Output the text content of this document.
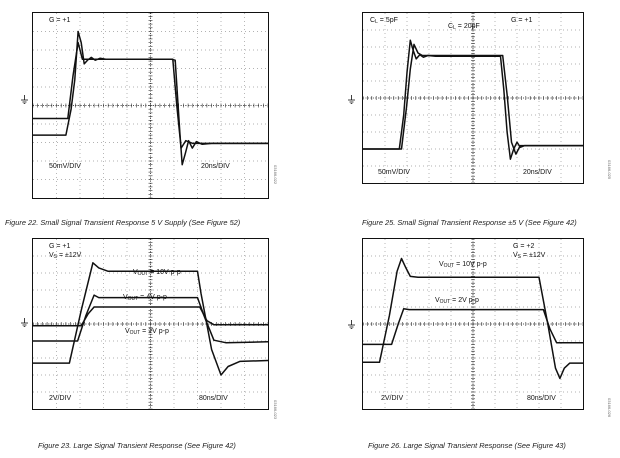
G = +1
50mV/DIV	20ns/DIV	03166-022
Figure 22. Small Signal Transient Response 5 V Supply (See Figure 52)
$C_L = 5pF$
$C_L = 20pF$
G = +1
50mV/DIV	20ns/DIV	03166-025
Figure 25. Small Signal Transient Response ±5 V (See Figure 42)
G = +1
$V_S = \pm 12V$
$V_{OUT} = 10V$ p-p
$V_{OUT} = 4V$ p-p
$V_{OUT} = 2V$ p-p
2V/DIV	80ns/DIV
03166-023
Figure 23. Large Signal Transient Response (See Figure 42)
G = +2
$V_S = \pm 12V$
$V_{OUT} = 10V$ p-p
$V_{OUT} = 2V$ p-p
2V/DIV	80ns/DIV	03166-026
Figure 26. Large Signal Transient Response (See Figure 43)
